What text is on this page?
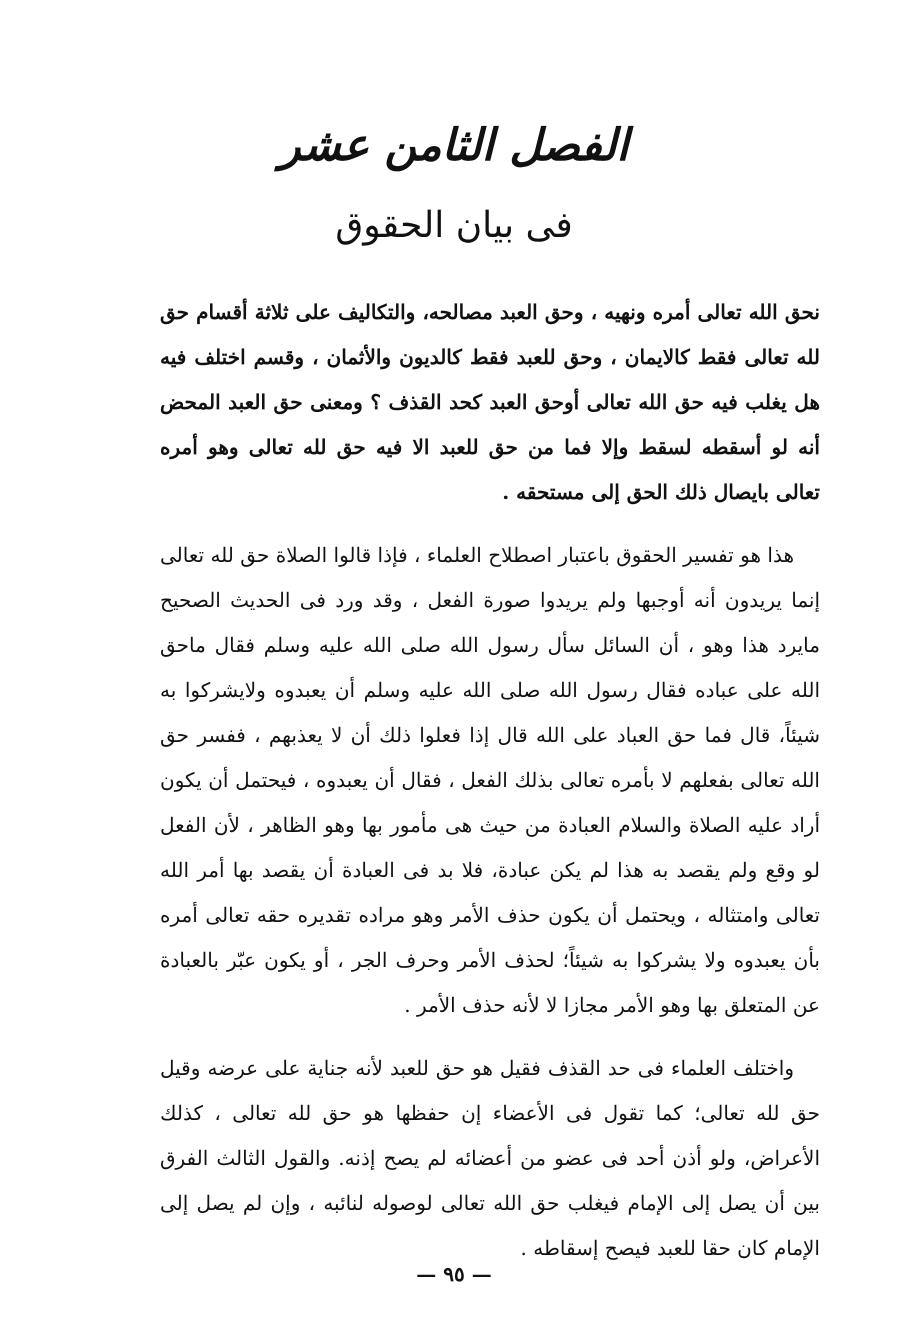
الفصل الثامن عشر
فى بيان الحقوق

نحق الله تعالى أمره ونهيه ، وحق العبد مصالحه، والتكاليف على ثلاثة أقسام حق لله تعالى فقط كالايمان ، وحق للعبد فقط كالديون والأثمان ، وقسم اختلف فيه هل يغلب فيه حق الله تعالى أوحق العبد كحد القذف ؟ ومعنى حق العبد المحض أنه لو أسقطه لسقط وإلا فما من حق للعبد الا فيه حق لله تعالى وهو أمره تعالى بايصال ذلك الحق إلى مستحقه .

هذا هو تفسير الحقوق باعتبار اصطلاح العلماء ، فإذا قالوا الصلاة حق لله تعالى إنما يريدون أنه أوجبها ولم يريدوا صورة الفعل ، وقد ورد فى الحديث الصحيح مايرد هذا وهو ، أن السائل سأل رسول الله صلى الله عليه وسلم فقال ماحق الله على عباده فقال رسول الله صلى الله عليه وسلم أن يعبدوه ولايشركوا به شيئاً، قال فما حق العباد على الله قال إذا فعلوا ذلك أن لا يعذبهم ، ففسر حق الله تعالى بفعلهم لا بأمره تعالى بذلك الفعل ، فقال أن يعبدوه ، فيحتمل أن يكون أراد عليه الصلاة والسلام العبادة من حيث هى مأمور بها وهو الظاهر ، لأن الفعل لو وقع ولم يقصد به هذا لم يكن عبادة، فلا بد فى العبادة أن يقصد بها أمر الله تعالى وامتثاله ، ويحتمل أن يكون حذف الأمر وهو مراده تقديره حقه تعالى أمره بأن يعبدوه ولا يشركوا به شيئاً؛ لحذف الأمر وحرف الجر ، أو يكون عبّر بالعبادة عن المتعلق بها وهو الأمر مجازا لا لأنه حذف الأمر .

واختلف العلماء فى حد القذف فقيل هو حق للعبد لأنه جناية على عرضه وقيل حق لله تعالى؛ كما تقول فى الأعضاء إن حفظها هو حق لله تعالى ، كذلك الأعراض، ولو أذن أحد فى عضو من أعضائه لم يصح إذنه. والقول الثالث الفرق بين أن يصل إلى الإمام فيغلب حق الله تعالى لوصوله لنائبه ، وإن لم يصل إلى الإمام كان حقا للعبد فيصح إسقاطه .

— ٩٥ —
